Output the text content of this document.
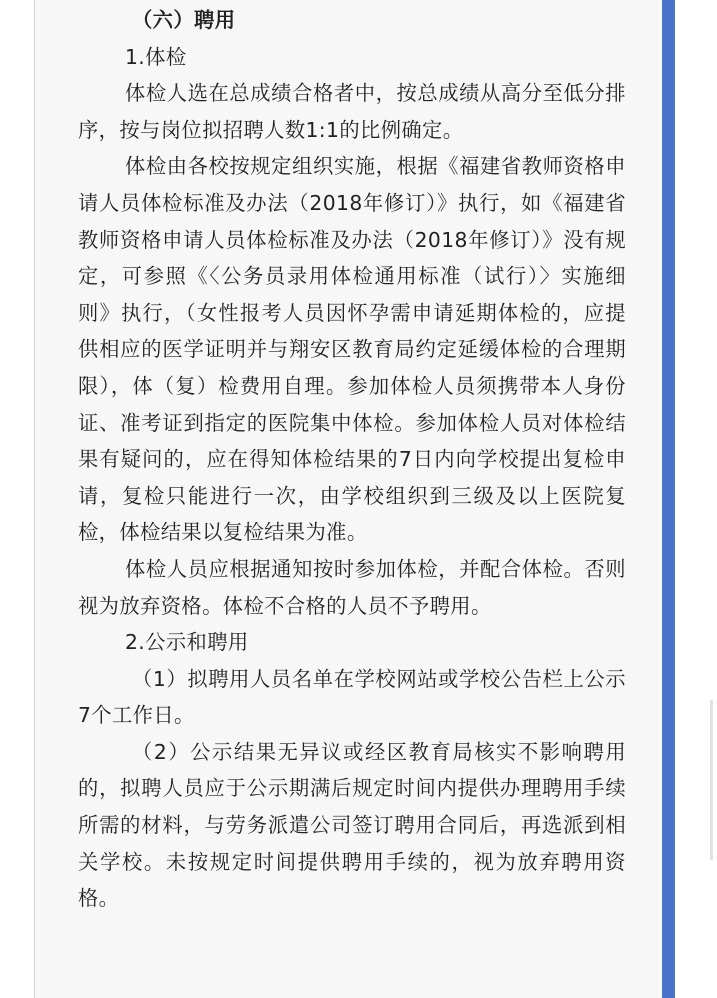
（六）聘用

1.体检

体检人选在总成绩合格者中，按总成绩从高分至低分排序，按与岗位拟招聘人数1:1的比例确定。

体检由各校按规定组织实施，根据《福建省教师资格申请人员体检标准及办法（2018年修订）》执行，如《福建省教师资格申请人员体检标准及办法（2018年修订）》没有规定，可参照《〈公务员录用体检通用标准（试行）〉实施细则》执行，（女性报考人员因怀孕需申请延期体检的，应提供相应的医学证明并与翔安区教育局约定延缓体检的合理期限），体（复）检费用自理。参加体检人员须携带本人身份证、准考证到指定的医院集中体检。参加体检人员对体检结果有疑问的，应在得知体检结果的7日内向学校提出复检申请，复检只能进行一次，由学校组织到三级及以上医院复检，体检结果以复检结果为准。

体检人员应根据通知按时参加体检，并配合体检。否则视为放弃资格。体检不合格的人员不予聘用。

2.公示和聘用

（1）拟聘用人员名单在学校网站或学校公告栏上公示7个工作日。

（2）公示结果无异议或经区教育局核实不影响聘用的，拟聘人员应于公示期满后规定时间内提供办理聘用手续所需的材料，与劳务派遣公司签订聘用合同后，再选派到相关学校。未按规定时间提供聘用手续的，视为放弃聘用资格。
